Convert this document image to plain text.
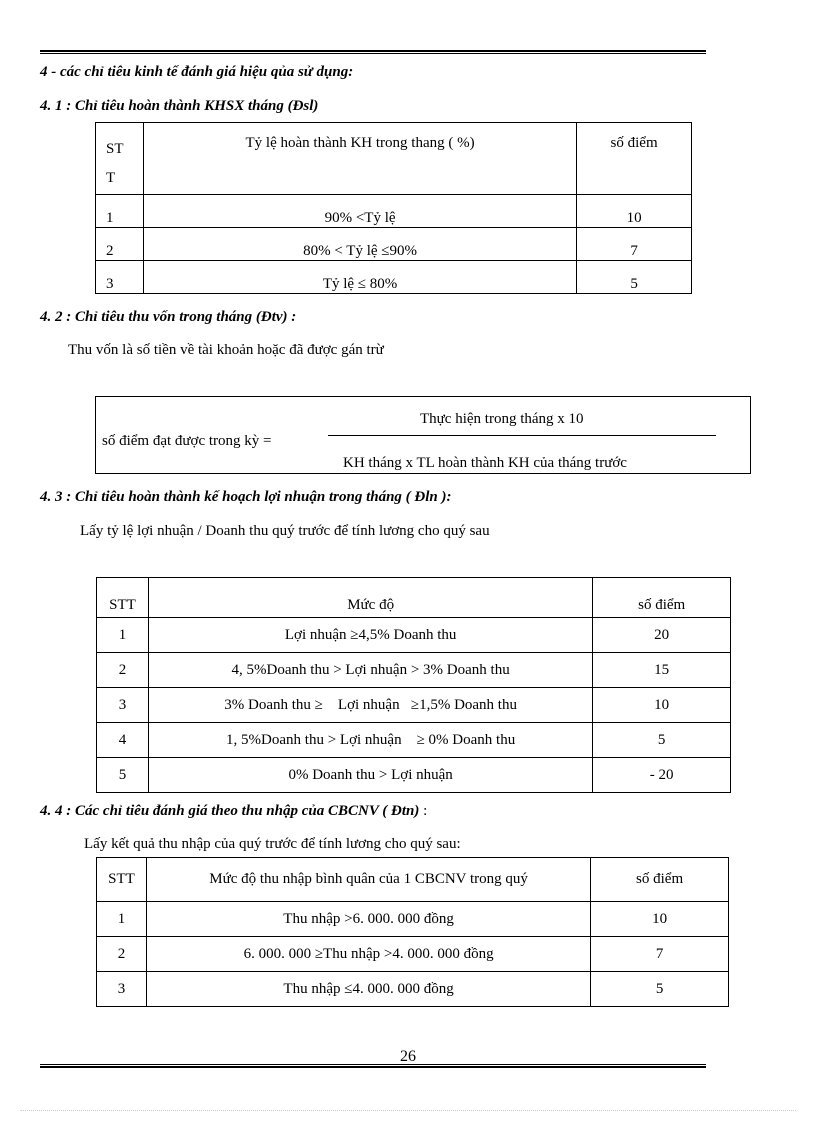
4 - các chỉ tiêu kinh tế đánh giá hiệu qủa sử dụng:
4. 1 : Chỉ tiêu hoàn thành KHSX tháng (Đsl)
ST
T	Tỷ lệ hoàn thành KH trong thang ( %)	số điểm
1	90% <Tỷ lệ	10
2	80% < Tỷ lệ ≤90%	7
3	Tỷ lệ ≤ 80%	5
4. 2 : Chỉ tiêu thu vốn trong tháng (Đtv) :
Thu vốn là số tiền về tài khoản hoặc đã được gán trừ
số điểm đạt được trong kỳ =
Thực hiện trong tháng x 10
KH tháng x TL hoàn thành KH của tháng trước
4. 3 : Chỉ tiêu hoàn thành kế hoạch lợi nhuận trong tháng ( Đln ):
Lấy tỷ lệ lợi nhuận / Doanh thu quý trước để tính lương cho quý sau
STT	Mức độ	số điểm
1	Lợi nhuận ≥4,5% Doanh thu	20
2	4, 5%Doanh thu > Lợi nhuận > 3% Doanh thu	15
3	3% Doanh thu ≥    Lợi nhuận   ≥1,5% Doanh thu	10
4	1, 5%Doanh thu > Lợi nhuận    ≥ 0% Doanh thu	5
5	0% Doanh thu > Lợi nhuận	- 20
4. 4 : Các chỉ tiêu đánh giá theo thu nhập của CBCNV ( Đtn) :
Lấy kết quả thu nhập của quý trước để tính lương cho quý sau:
STT	Mức độ thu nhập bình quân của 1 CBCNV trong quý	số điểm
1	Thu nhập >6. 000. 000 đồng	10
2	6. 000. 000 ≥Thu nhập >4. 000. 000 đồng	7
3	Thu nhập ≤4. 000. 000 đồng	5
26
